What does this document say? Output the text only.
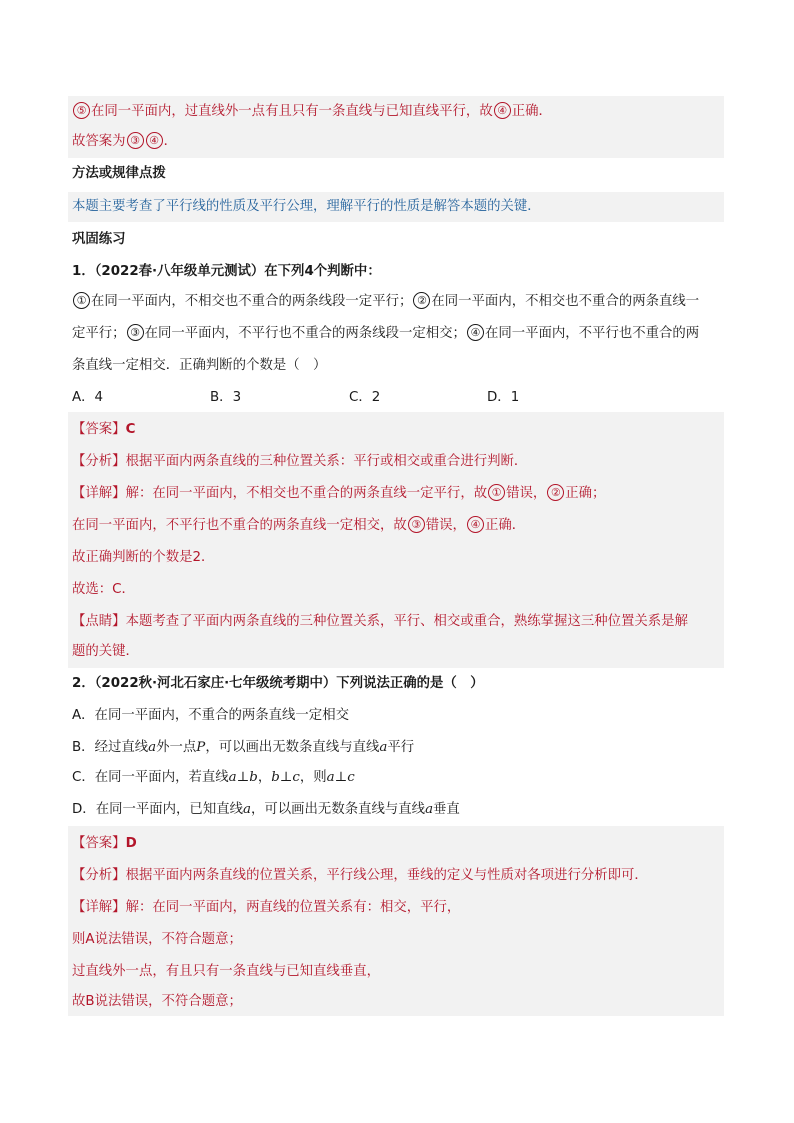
⑤ 在同一平面内，过直线外一点有且只有一条直线与已知直线平行，故 ④ 正确．
故答案为 ③ ④ ．
方法或规律点拨
本题主要考查了平行线的性质及平行公理，理解平行的性质是解答本题的关键．
巩固练习
1．（2022春·八年级单元测试）在下列4个判断中：
① 在同一平面内，不相交也不重合的两条线段一定平行； ② 在同一平面内，不相交也不重合的两条直线一
定平行； ③ 在同一平面内，不平行也不重合的两条线段一定相交； ④ 在同一平面内，不平行也不重合的两
条直线一定相交．正确判断的个数是（　）
A．4	B．3	C．2	D．1
【答案】C
【分析】根据平面内两条直线的三种位置关系：平行或相交或重合进行判断．
【详解】解：在同一平面内，不相交也不重合的两条直线一定平行，故 ① 错误， ② 正确；
在同一平面内，不平行也不重合的两条直线一定相交，故 ③ 错误， ④ 正确．
故正确判断的个数是2．
故选：C．
【点睛】本题考查了平面内两条直线的三种位置关系，平行、相交或重合，熟练掌握这三种位置关系是解
题的关键．
2．（2022秋·河北石家庄·七年级统考期中）下列说法正确的是（　）
A．在同一平面内，不重合的两条直线一定相交
B．经过直线a外一点P，可以画出无数条直线与直线a平行
C．在同一平面内，若直线a⊥b，b⊥c，则a⊥c
D．在同一平面内，已知直线a，可以画出无数条直线与直线a垂直
【答案】D
【分析】根据平面内两条直线的位置关系，平行线公理，垂线的定义与性质对各项进行分析即可．
【详解】解：在同一平面内，两直线的位置关系有：相交，平行，
则A说法错误，不符合题意；
过直线外一点，有且只有一条直线与已知直线垂直，
故B说法错误，不符合题意；
